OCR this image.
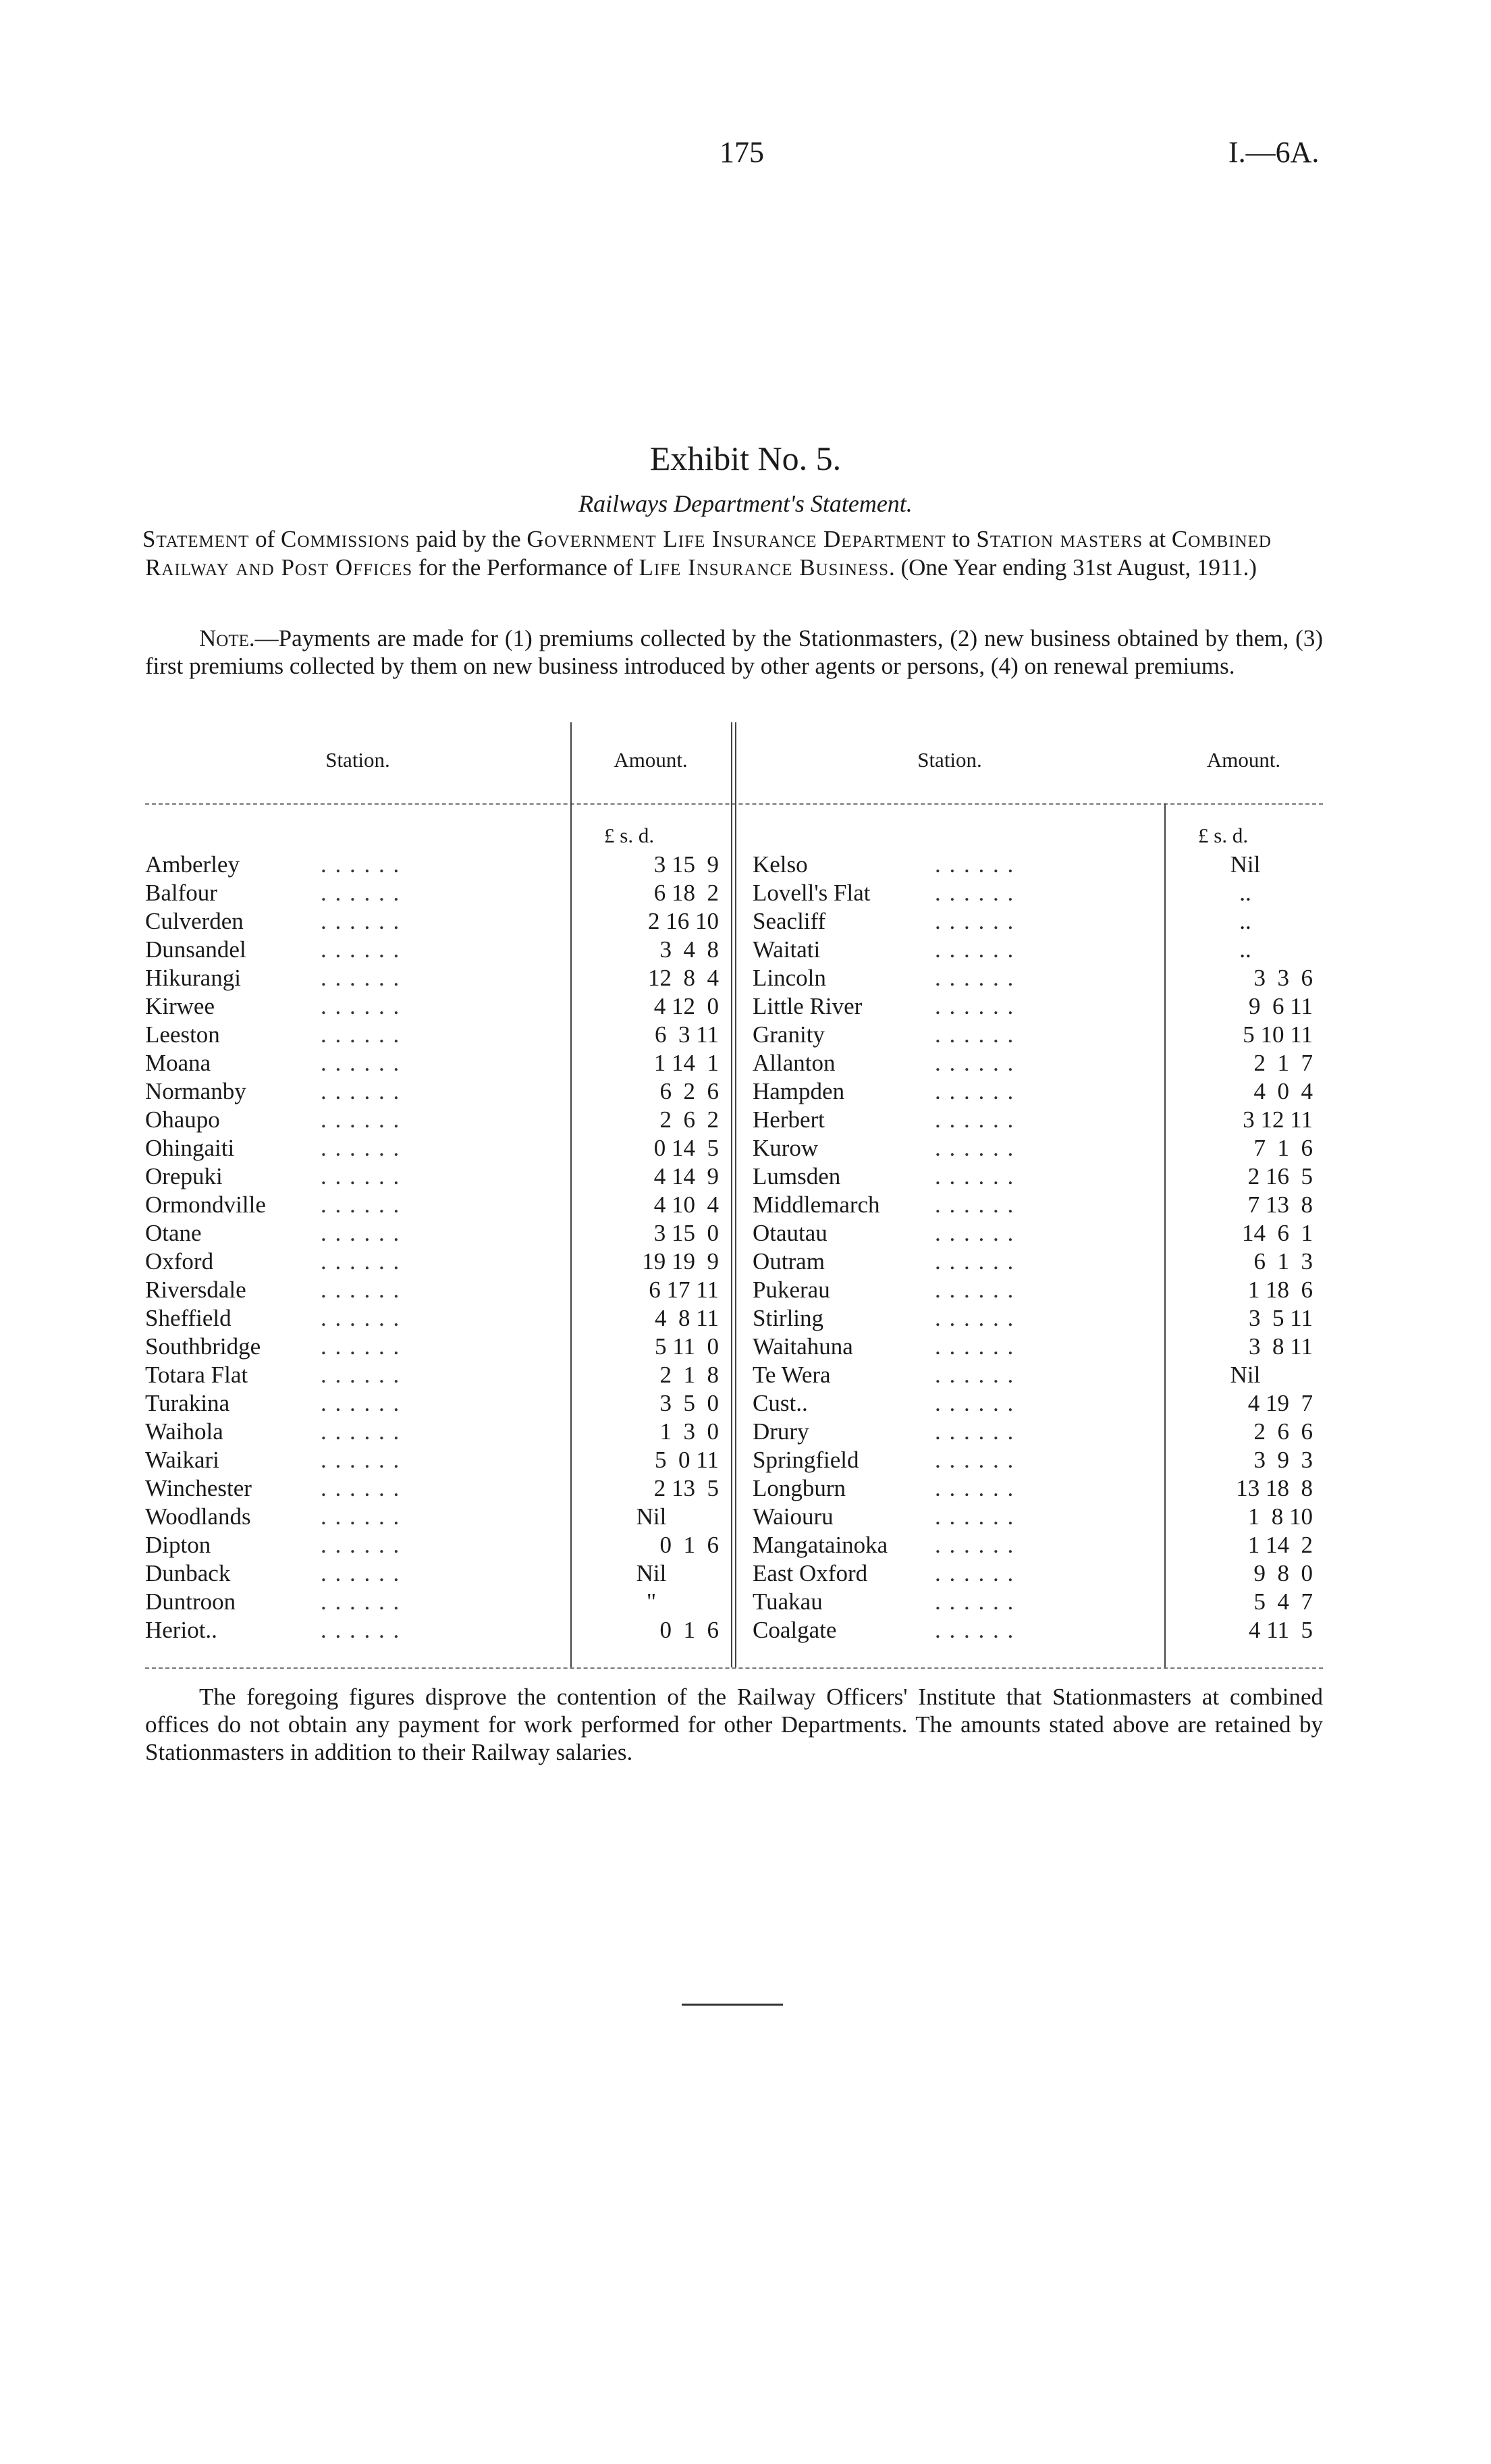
175	I.—6A.
Exhibit No. 5.
Railways Department's Statement.
Statement of Commissions paid by the Government Life Insurance Department to Station masters at Combined Railway and Post Offices for the Performance of Life Insurance Business. (One Year ending 31st August, 1911.)
Note.—Payments are made for (1) premiums collected by the Stationmasters, (2) new business obtained by them, (3) first premiums collected by them on new business introduced by other agents or persons, (4) on renewal premiums.
Station.	Amount.	Station.	Amount.
£ s. d.	£ s. d.
Amberley	. . . . . .	3 15  9
Balfour	. . . . . .	6 18  2
Culverden	. . . . . .	2 16 10
Dunsandel	. . . . . .	3  4  8
Hikurangi	. . . . . .	12  8  4
Kirwee	. . . . . .	4 12  0
Leeston	. . . . . .	6  3 11
Moana	. . . . . .	1 14  1
Normanby	. . . . . .	6  2  6
Ohaupo	. . . . . .	2  6  2
Ohingaiti	. . . . . .	0 14  5
Orepuki	. . . . . .	4 14  9
Ormondville . . . . . .	4 10  4
Otane	. . . . . .	3 15  0
Oxford	. . . . . .	19 19  9
Riversdale	. . . . . .	6 17 11
Sheffield	. . . . . .	4  8 11
Southbridge	. . . . . .	5 11  0
Totara Flat	. . . . . .	2  1  8
Turakina	. . . . . .	3  5  0
Waihola	. . . . . .	1  3  0
Waikari	. . . . . .	5  0 11
Winchester	. . . . . .	2 13  5
Woodlands	. . . . . .	Nil
Dipton	. . . . . .	0  1  6
Dunback	. . . . . .	Nil
Duntroon	. . . . . .	"
Heriot..	. . . . . .	0  1  6
Kelso	. . . . . .	Nil
Lovell's Flat	. . . . . .	..
Seacliff	. . . . . .	..
Waitati	. . . . . .	..
Lincoln	. . . . . .	3  3  6
Little River	. . . . . .	9  6 11
Granity	. . . . . .	5 10 11
Allanton	. . . . . .	2  1  7
Hampden	. . . . . .	4  0  4
Herbert	. . . . . .	3 12 11
Kurow	. . . . . .	7  1  6
Lumsden	. . . . . .	2 16  5
Middlemarch . . . . . .	7 13  8
Otautau	. . . . . .	14  6  1
Outram	. . . . . .	6  1  3
Pukerau	. . . . . .	1 18  6
Stirling	. . . . . .	3  5 11
Waitahuna	. . . . . .	3  8 11
Te Wera	. . . . . .	Nil
Cust..	. . . . . .	4 19  7
Drury	. . . . . .	2  6  6
Springfield	. . . . . .	3  9  3
Longburn	. . . . . .	13 18  8
Waiouru	. . . . . .	1  8 10
Mangatainoka . . . . . .	1 14  2
East Oxford	. . . . . .	9  8  0
Tuakau	. . . . . .	5  4  7
Coalgate	. . . . . .	4 11  5
The foregoing figures disprove the contention of the Railway Officers' Institute that Stationmasters at combined offices do not obtain any payment for work performed for other Departments. The amounts stated above are retained by Stationmasters in addition to their Railway salaries.
